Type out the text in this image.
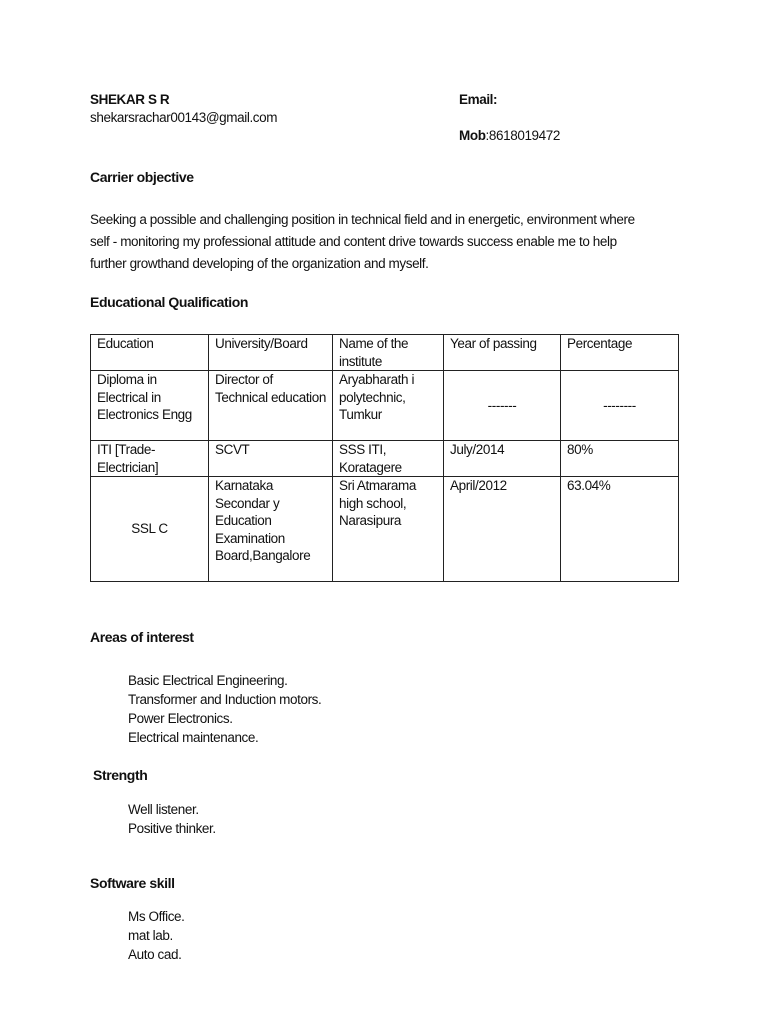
SHEKAR S R
shekarsrachar00143@gmail.com
Email:
Mob:8618019472
Carrier objective
Seeking a possible and challenging position in technical field and in energetic, environment where
self - monitoring my professional attitude and content drive towards success enable me to help
further growthand developing of the organization and myself.
Educational Qualification
Education	University/Board	Name of the institute	Year of passing	Percentage
Diploma in Electrical in Electronics Engg	Director of Technical education	Aryabharath i polytechnic, Tumkur	-------	--------
ITI [Trade- Electrician]	SCVT	SSS ITI, Koratagere	July/2014	80%
SSL C	Karnataka Secondar y Education Examination Board,Bangalore	Sri Atmarama high school, Narasipura	April/2012	63.04%
Areas of interest
Basic Electrical Engineering.
Transformer and Induction motors.
Power Electronics.
Electrical maintenance.
Strength
Well listener.
Positive thinker.
Software skill
Ms Office.
mat lab.
Auto cad.
